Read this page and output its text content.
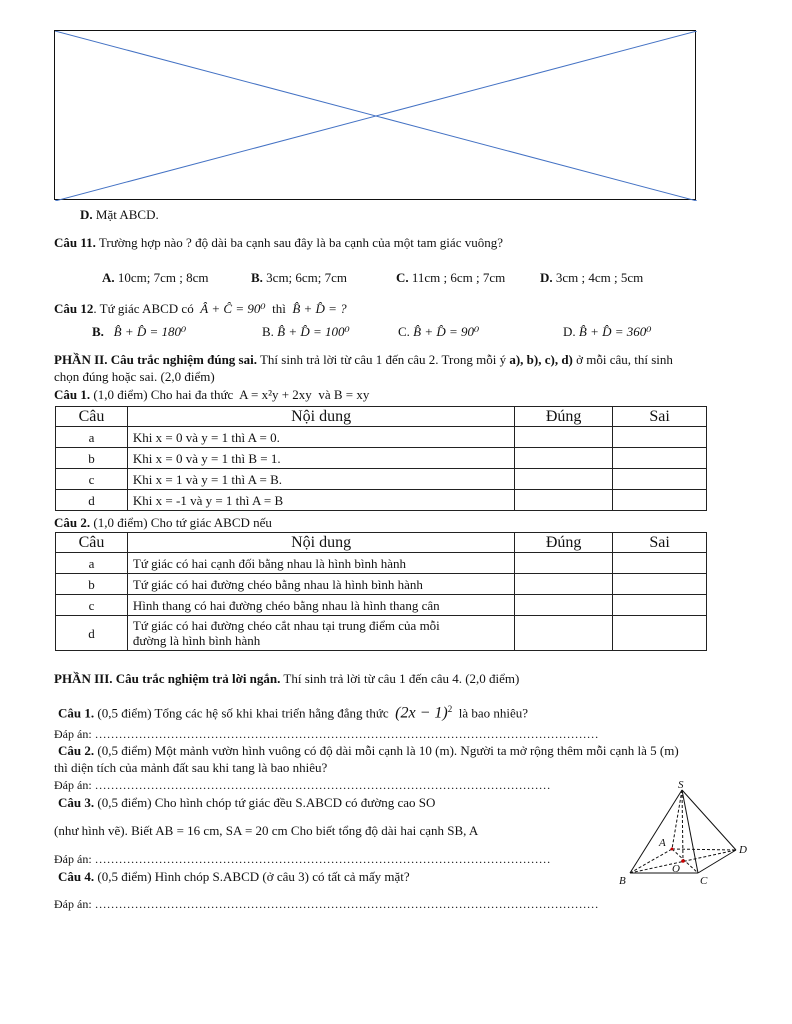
D. Mặt ABCD.
Câu 11. Trường hợp nào ? độ dài ba cạnh sau đây là ba cạnh của một tam giác vuông?
A. 10cm; 7cm ; 8cm	B. 3cm; 6cm; 7cm	C. 11cm ; 6cm ; 7cm	D. 3cm ; 4cm ; 5cm
Câu 12. Tứ giác ABCD có Â + Ĉ = 90⁰ thì B̂ + D̂ = ?
B. B̂ + D̂ = 180⁰	B. B̂ + D̂ = 100⁰	C. B̂ + D̂ = 90⁰	D. B̂ + D̂ = 360⁰
PHẦN II. Câu trắc nghiệm đúng sai. Thí sinh trả lời từ câu 1 đến câu 2. Trong mỗi ý a), b), c), d) ở mỗi câu, thí sinh
chọn đúng hoặc sai. (2,0 điểm)
Câu 1. (1,0 điểm) Cho hai đa thức A = x²y + 2xy và B = xy
Câu	Nội dung	Đúng	Sai
a	Khi x = 0 và y = 1 thì A = 0.		
b	Khi x = 0 và y = 1 thì B = 1.		
c	Khi x = 1 và y = 1 thì A = B.		
d	Khi x = -1 và y = 1 thì A = B		
Câu 2. (1,0 điểm) Cho tứ giác ABCD nếu
Câu	Nội dung	Đúng	Sai
a	Tứ giác có hai cạnh đối bằng nhau là hình bình hành		
b	Tứ giác có hai đường chéo bằng nhau là hình bình hành		
c	Hình thang có hai đường chéo bằng nhau là hình thang cân		
d	Tứ giác có hai đường chéo cắt nhau tại trung điểm của mỗi
đường là hình bình hành		
PHẦN III. Câu trắc nghiệm trả lời ngắn. Thí sinh trả lời từ câu 1 đến câu 4. (2,0 điểm)
Câu 1. (0,5 điểm) Tổng các hệ số khi khai triển hằng đẳng thức $(2x - 1)^2$ là bao nhiêu?
Đáp án: ………………………………………………………………………………………………………………
Câu 2. (0,5 điểm) Một mảnh vườn hình vuông có độ dài mỗi cạnh là 10 (m). Người ta mở rộng thêm mỗi cạnh là 5 (m)
thì diện tích của mảnh đất sau khi tang là bao nhiêu?
Đáp án: ……………………………………………………………………………………………………
Câu 3. (0,5 điểm) Cho hình chóp tứ giác đều S.ABCD có đường cao SO
(như hình vẽ). Biết AB = 16 cm, SA = 20 cm Cho biết tổng độ dài hai cạnh SB, A
Đáp án: ……………………………………………………………………………………………………
Câu 4. (0,5 điểm) Hình chóp S.ABCD (ở câu 3) có tất cả mấy mặt?
Đáp án: ………………………………………………………………………………………………………………
S
A
B	C
D
O
